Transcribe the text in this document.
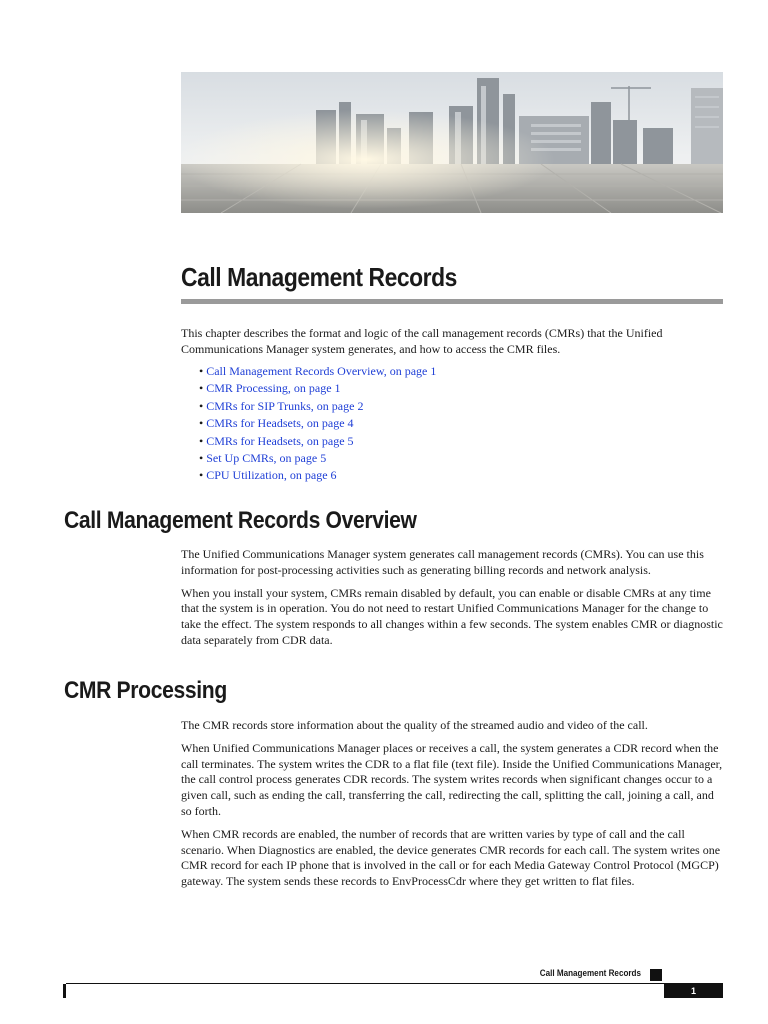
Call Management Records

This chapter describes the format and logic of the call management records (CMRs) that the Unified Communications Manager system generates, and how to access the CMR files.

• Call Management Records Overview, on page 1
• CMR Processing, on page 1
• CMRs for SIP Trunks, on page 2
• CMRs for Headsets, on page 4
• CMRs for Headsets, on page 5
• Set Up CMRs, on page 5
• CPU Utilization, on page 6
Call Management Records Overview

The Unified Communications Manager system generates call management records (CMRs). You can use this information for post-processing activities such as generating billing records and network analysis.

When you install your system, CMRs remain disabled by default, you can enable or disable CMRs at any time that the system is in operation. You do not need to restart Unified Communications Manager for the change to take the effect. The system responds to all changes within a few seconds. The system enables CMR or diagnostic data separately from CDR data.

CMR Processing

The CMR records store information about the quality of the streamed audio and video of the call.

When Unified Communications Manager places or receives a call, the system generates a CDR record when the call terminates. The system writes the CDR to a flat file (text file). Inside the Unified Communications Manager, the call control process generates CDR records. The system writes records when significant changes occur to a given call, such as ending the call, transferring the call, redirecting the call, splitting the call, joining a call, and so forth.

When CMR records are enabled, the number of records that are written varies by type of call and the call scenario. When Diagnostics are enabled, the device generates CMR records for each call. The system writes one CMR record for each IP phone that is involved in the call or for each Media Gateway Control Protocol (MGCP) gateway. The system sends these records to EnvProcessCdr where they get written to flat files.

Call Management Records
1
